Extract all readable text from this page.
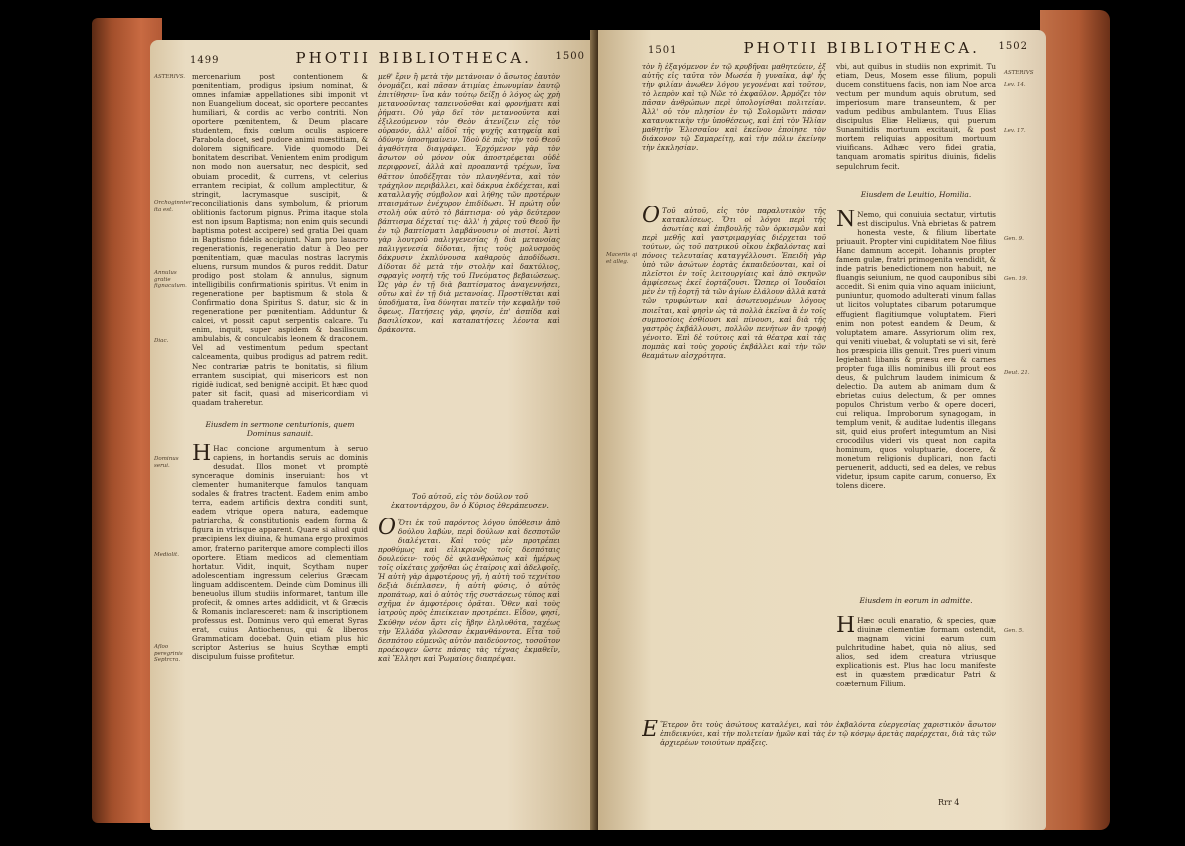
1499	PHOTII BIBLIOTHECA. 1500
ASTERIVS.
Orchoginnter ita est.
Annulus gratie fignaculum.
Diac.
Dominus serui.
Mediolit.
Afloo peregrinis Septrcra.

mercenarium post contentionem & pœnitentiam, prodigus ipsium nominat, & omnes infamiæ appellationes sibi imponit vt non Euangelium doceat, sic oportere peccantes humiliari, & cordis ac verbo contriti. Non oportere pœnitentem, & Deum placare studentem, fixis cœlum oculis aspicere Parabola docet, sed pudore animi mœstitiam, & dolorem significare. Vide quomodo Dei bonitatem describat. Venientem enim prodigum non modo non auersatur, nec despicit, sed obuiam procedit, & currens, vt celerius errantem recipiat, & collum amplectitur, & stringit, lacrymasque suscipit, & reconciliationis dans symbolum, & priorum oblitionis factorum pignus. Prima itaque stola est non ipsum Baptisma; non enim quis secundi baptisma potest accipere) sed gratia Dei quam in Baptismo fidelis accipiunt. Nam pro lauacro regenerationis, regeneratio datur à Deo per pœnitentiam, quæ maculas nostras lacrymis eluens, rursum mundos & puros reddit. Datur prodigo post stolam & annulus, signum intelligibilis confirmationis spiritus. Vt enim in regeneratione per baptismum & stola & Confirmatio dona Spiritus S. datur, sic & in regeneratione per pœnitentiam. Adduntur & calcei, vt possit caput serpentis calcare. Tu enim, inquit, super aspidem & basiliscum ambulabis, & conculcabis leonem & draconem. Vel ad vestimentum pedum spectant calceamenta, quibus prodigus ad patrem redit. Nec contrariæ patris te bonitatis, si filium errantem suscipiat, qui misericors est non rigidè iudicat, sed benignè accipit. Et hæc quod pater sit facit, quasi ad misericordiam vi quadam traheretur.

Eiusdem in sermone centurionis, quem Dominus sanauit.
H Hac concione argumentum à seruo capiens, in hortandis seruis ac dominis desudat. Illos monet vt promptè synceraque dominis inseruiant: hos vt clementer humaniterque famulos tanquam sodales & fratres tractent. Eadem enim ambo terra, eadem artificis dextra conditi sunt, eadem vtrique opera natura, eademque patriarcha, & constitutionis eadem forma & figura in vtrisque apparent. Quare si aliud quid præcipiens lex diuina, & humana ergo proximos amor, fraterno pariterque amore complecti illos oportere. Etiam medicos ad clementiam hortatur. Vidit, inquit, Scytham nuper adolescentiam ingressum celerius Græcam linguam addiscentem. Deinde cùm Dominus illi beneuolus illum studiis informaret, tantum ille profecit, & omnes artes addidicit, vt & Græcis & Romanis inclaresceret: nam & inscriptionem professus est. Dominus vero quì emerat Syras erat, cuius Antiochenus, qui & liberos Grammaticam docebat. Quin etiam plus hic scriptor Asterius se huius Scythæ empti discipulum fuisse profitetur.

μεθ' ἔριν ἢ μετὰ τὴν μετάνοιαν ὁ ἄσωτος ἑαυτὸν ὀνομάζει, καὶ πᾶσαν ἀτιμίας ἐπωνυμίαν ἑαυτῷ ἐπιτίθησιν· ἵνα κἀν τούτῳ δείξῃ ὁ λόγος ὡς χρὴ μετανοοῦντας ταπεινοῦσθαι καὶ φρονήματι καὶ ῥήματι. Οὐ γὰρ δεῖ τὸν μετανοοῦντα καὶ ἐξιλεούμενον τὸν Θεὸν ἀτενίζειν εἰς τὸν οὐρανόν, ἀλλ' αἰδοῖ τῆς ψυχῆς κατηφείᾳ καὶ ὀδύνην ὑποσημαίνειν. Ἰδοὺ δὲ πῶς τὴν τοῦ Θεοῦ ἀγαθότητα διαγράφει. Ἐρχόμενον γὰρ τὸν ἄσωτον οὐ μόνον οὐκ ἀποστρέφεται οὐδὲ περιφρονεῖ, ἀλλὰ καὶ προαπαντᾷ τρέχων, ἵνα θᾶττον ὑποδέξηται τὸν πλανηθέντα, καὶ τὸν τράχηλον περιβάλλει, καὶ δάκρυα ἐκδέχεται, καὶ καταλλαγῆς σύμβολον καὶ λήθης τῶν προτέρων πταισμάτων ἐνέχυρον ἐπιδίδωσι. Ἡ πρώτη οὖν στολὴ οὐκ αὐτὸ τὸ βάπτισμα· οὐ γὰρ δεύτερον βάπτισμα δέχεταί τις· ἀλλ' ἡ χάρις τοῦ Θεοῦ ἣν ἐν τῷ βαπτίσματι λαμβάνουσιν οἱ πιστοί. Ἀντὶ γὰρ λουτροῦ παλιγγενεσίας ἡ διὰ μετανοίας παλιγγενεσία δίδοται, ἥτις τοὺς μολυσμοὺς δάκρυσιν ἐκπλύνουσα καθαροὺς ἀποδίδωσι. Δίδοται δὲ μετὰ τὴν στολὴν καὶ δακτύλιος, σφραγὶς νοητὴ τῆς τοῦ Πνεύματος βεβαιώσεως. Ὡς γὰρ ἐν τῇ διὰ βαπτίσματος ἀναγεννήσει, οὕτω καὶ ἐν τῇ διὰ μετανοίας. Προστίθεται καὶ ὑποδήματα, ἵνα δύνηται πατεῖν τὴν κεφαλὴν τοῦ ὄφεως. Πατήσεις γάρ, φησίν, ἐπ' ἀσπίδα καὶ βασιλίσκον, καὶ καταπατήσεις λέοντα καὶ δράκοντα.

Τοῦ αὐτοῦ, εἰς τὸν δοῦλον τοῦ ἑκατοντάρχου, ὃν ὁ Κύριος ἐθεράπευσεν.
O Ὅτι ἐκ τοῦ παρόντος λόγου ὑπόθεσιν ἀπὸ δούλου λαβὼν, περὶ δούλων καὶ δεσποτῶν διαλέγεται. Καὶ τοὺς μὲν προτρέπει προθύμως καὶ εἰλικρινῶς τοῖς δεσπόταις δουλεύειν· τοὺς δὲ φιλανθρώπως καὶ ἡμέρως τοῖς οἰκέταις χρῆσθαι ὡς ἑταίροις καὶ ἀδελφοῖς. Ἡ αὐτὴ γὰρ ἀμφοτέρους γῆ, ἡ αὐτὴ τοῦ τεχνίτου δεξιὰ διέπλασεν, ἡ αὐτὴ φύσις, ὁ αὐτὸς προπάτωρ, καὶ ὁ αὐτὸς τῆς συστάσεως τύπος καὶ σχῆμα ἐν ἀμφοτέροις ὁρᾶται. Ὅθεν καὶ τοὺς ἰατροὺς πρὸς ἐπιείκειαν προτρέπει. Εἶδον, φησί, Σκύθην νέον ἄρτι εἰς ἥβην ἐληλυθότα, ταχέως τὴν Ἑλλάδα γλῶσσαν ἐκμανθάνοντα. Εἶτα τοῦ δεσπότου εὐμενῶς αὐτὸν παιδεύοντος, τοσοῦτον προέκοψεν ὥστε πάσας τὰς τέχνας ἐκμαθεῖν, καὶ Ἕλλησι καὶ Ῥωμαίοις διαπρέψαι.

1501	PHOTII BIBLIOTHECA. 1502
ASTERIVS
Lev. 14.
Lev. 17.
Gen. 9.
Gen. 19.
Deut. 21.
Gen. 5.
Maceriis qi et alleg.

τὸν ἢ ἐξαγόμενον ἐν τῷ κρυβῆναι μαθητεύειν, ἐξ αὐτῆς εἰς ταῦτα τὸν Μωσέα ἢ γυναῖκα, ἀφ' ἧς τὴν φιλίαν ἀνωθεν λόγου γεγονέναι καὶ τοῦτον, τὸ λεπρὸν καὶ τῷ Νῶε τὸ ἐκφαῦλον. Ἀρμόζει τὸν πᾶσαν ἀνθρώπων περὶ ὑπολογίσθαι πολιτείαν. Ἀλλ' οὐ τὸν πλησίον ἐν τῷ Σολομῶντι πάσαν κατανυκτικὴν τὴν ὑποθέσεως, καὶ ἐπὶ τὸν Ἠλίαν μαθητὴν Ἐλισσαῖον καὶ ἐκεῖνον ἐποίησε τὸν διάκονον τῷ Σαμαρείτῃ, καὶ τὴν πόλιν ἐκείνην τὴν ἐκκλησίαν.

vbi, aut quibus in studiis non exprimit. Tu etiam, Deus, Mosem esse filium, populi ducem constituens facis, non iam Noe arca vectum per mundum aquis obrutum, sed imperiosum mare transeuntem, & per vadum pedibus ambulantem. Tuus Elias discipulus Eliæ Heliæus, qui puerum Sunamitidis mortuum excitauit, & post mortem reliquias appositum mortuum viuificans. Adhæc vero fidei gratia, tanquam aromatis spiritus diuinis, fidelis sepulchrum fecit.

Eiusdem de Leuitio, Homilia.
O Τοῦ αὐτοῦ, εἰς τὸν παραλυτικὸν τῆς κατακλίσεως. Ὅτι οἱ λόγοι περὶ τῆς ἀσωτίας καὶ ἐπιβουλῆς τῶν ὁρκισμῶν καὶ περὶ μεθῆς καὶ γαστριμαργίας διέρχεται τοῦ τούτων, ὡς τοῦ πατρικοῦ οἴκου ἐκβαλόντας καὶ πόνοις τελευταίας καταγγέλλουσι. Ἐπειδὴ γὰρ ὑπὸ τῶν ἀσώτων ἑορτὰς ἐκπαιδεύονται, καὶ οἱ πλεῖστοι ἐν τοῖς λειτουργίαις καὶ ἀπὸ σκηνῶν ἀμφίεσεως ἐκεῖ ἑορτάζουσι. Ὥσπερ οἱ Ἰουδαῖοι μὲν ἐν τῇ ἑορτῇ τὰ τῶν ἁγίων ἐλάλουν ἀλλὰ κατὰ τῶν τρυφώντων καὶ ἀσωτευομένων λόγους ποιεῖται, καὶ φησὶν ὡς τὰ πολλὰ ἐκεῖνα ἃ ἐν τοῖς συμποσίοις ἐσθίουσι καὶ πίνουσι, καὶ διὰ τῆς γαστρὸς ἐκβάλλουσι, πολλῶν πενήτων ἂν τροφὴ γένοιτο. Ἐπὶ δὲ τούτοις καὶ τὰ θέατρα καὶ τὰς πομπὰς καὶ τοὺς χορούς ἐκβάλλει καὶ τὴν τῶν θεαμάτων αἰσχρότητα.

N Nemo, qui conuiuia sectatur, virtutis est discipulus. Vnà ebrietas & patrem honesta veste, & filium libertate priuauit. Propter vini cupiditatem Noe filius Hanc damnum accepit. Iohannis propter famem gulæ, fratri primogenita vendidit, & inde patris benedictionem non habuit, ne fluangis seiunium, ne quod cauponibus sibi accedit. Si enim quia vino aquam iniiciunt, puniuntur, quomodo adulterati vinum fallas ut licitos voluptates cibarum potarumque effugient flagitiumque voluptatem. Fieri enim non potest eandem & Deum, & voluptatem amare. Assyriorum olim rex, qui veniti viuebat, & voluptati se vi sit, ferè hos præspicia illis genuit. Tres pueri vinum Iegiebant libanis & præsu ere & carnes propter fuga illis nominibus illi prout eos deus, & pulchrum laudem inimicum & delectio. Da autem ab animam dum & ebrietas cuius delectum, & per omnes populos Christum verbo & opere doceri, cui reliqua. Improborum synagogam, in templum venit, & auditae ludentis illegans sit, quid eius profert integumtum an Nisi crocodilus videri vis queat non capita hominum, quos voluptuarie, docere, & monetum religionis duplicari, non facti peruenerit, adducti, sed ea deles, ve rebus videtur, ipsum capite carum, conuerso, Ex tolens dicere.

Eiusdem in eorum in admitte.
H Hæc oculi enaratio, & species, quæ diuinæ clementiæ formam ostendit, magnam vicini earum cum pulchritudine habet, quia nò alius, sed alios, sed idem creatura vtriusque explicationis est. Plus hac locu manifeste est in quæstem prædicatur Patri & coæternum Filium.

E Ἕτερον ὅτι τοὺς ἀσώτους καταλέγει, καὶ τὸν ἐκβαλόντα εὐεργεσίας χαριστικὸν ἄσωτον ἐπιδεικνύει, καὶ τὴν πολιτείαν ἡμῶν καὶ τὰς ἐν τῷ κόσμῳ ἀρετὰς παρέρχεται, διὰ τὰς τῶν ἀρχιερέων τοιούτων πράξεις.

Rrr 4
